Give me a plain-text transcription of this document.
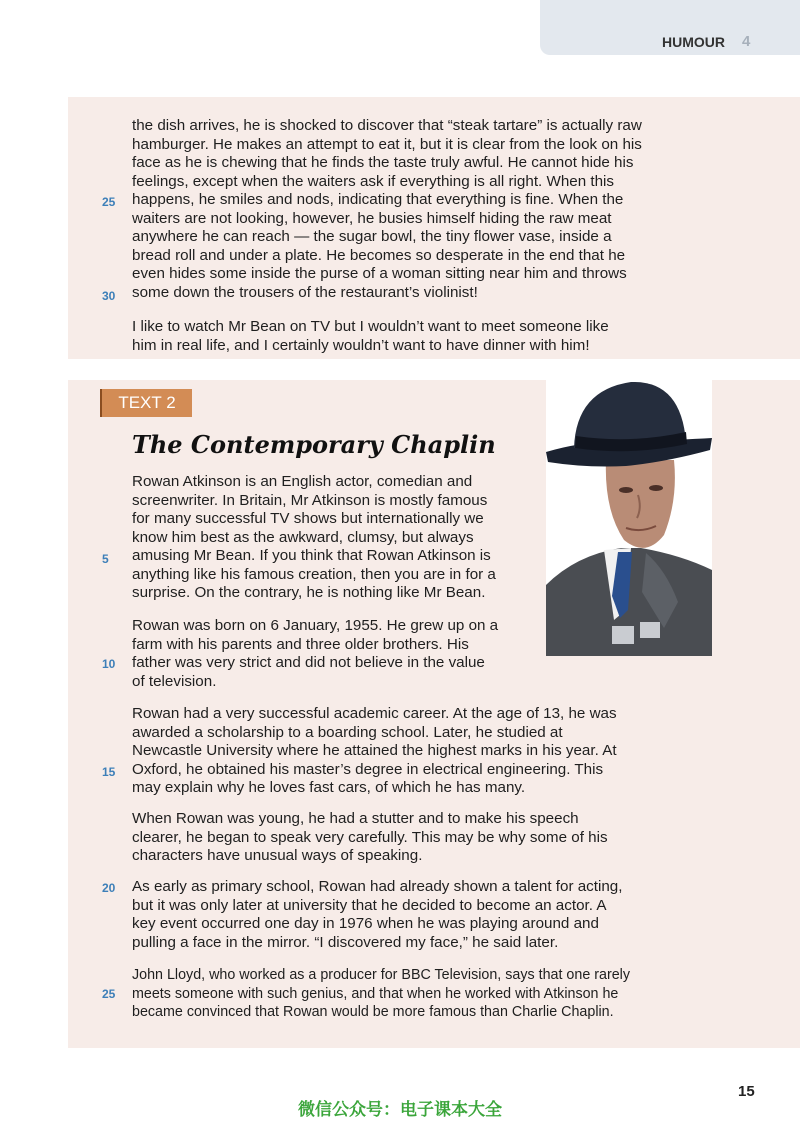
HUMOUR 4

the dish arrives, he is shocked to discover that “steak tartare” is actually raw

hamburger. He makes an attempt to eat it, but it is clear from the look on his

face as he is chewing that he finds the taste truly awful. He cannot hide his

feelings, except when the waiters ask if everything is all right. When this

happens, he smiles and nods, indicating that everything is fine. When the

waiters are not looking, however, he busies himself hiding the raw meat

anywhere he can reach — the sugar bowl, the tiny flower vase, inside a

bread roll and under a plate. He becomes so desperate in the end that he

even hides some inside the purse of a woman sitting near him and throws

some down the trousers of the restaurant’s violinist!

I like to watch Mr Bean on TV but I wouldn’t want to meet someone like

him in real life, and I certainly wouldn’t want to have dinner with him!

25
30
TEXT 2
The Contemporary Chaplin

Rowan Atkinson is an English actor, comedian and

screenwriter. In Britain, Mr Atkinson is mostly famous

for many successful TV shows but internationally we

know him best as the awkward, clumsy, but always

amusing Mr Bean. If you think that Rowan Atkinson is

anything like his famous creation, then you are in for a

surprise. On the contrary, he is nothing like Mr Bean.

Rowan was born on 6 January, 1955. He grew up on a

farm with his parents and three older brothers. His

father was very strict and did not believe in the value

of television.

Rowan had a very successful academic career. At the age of 13, he was

awarded a scholarship to a boarding school. Later, he studied at

Newcastle University where he attained the highest marks in his year. At

Oxford, he obtained his master’s degree in electrical engineering. This

may explain why he loves fast cars, of which he has many.

When Rowan was young, he had a stutter and to make his speech

clearer, he began to speak very carefully. This may be why some of his

characters have unusual ways of speaking.

As early as primary school, Rowan had already shown a talent for acting,

but it was only later at university that he decided to become an actor. A

key event occurred one day in 1976 when he was playing around and

pulling a face in the mirror. “I discovered my face,” he said later.

John Lloyd, who worked as a producer for BBC Television, says that one rarely

meets someone with such genius, and that when he worked with Atkinson he

became convinced that Rowan would be more famous than Charlie Chaplin.

5
10
15
20
25
15
微信公众号：电子课本大全
